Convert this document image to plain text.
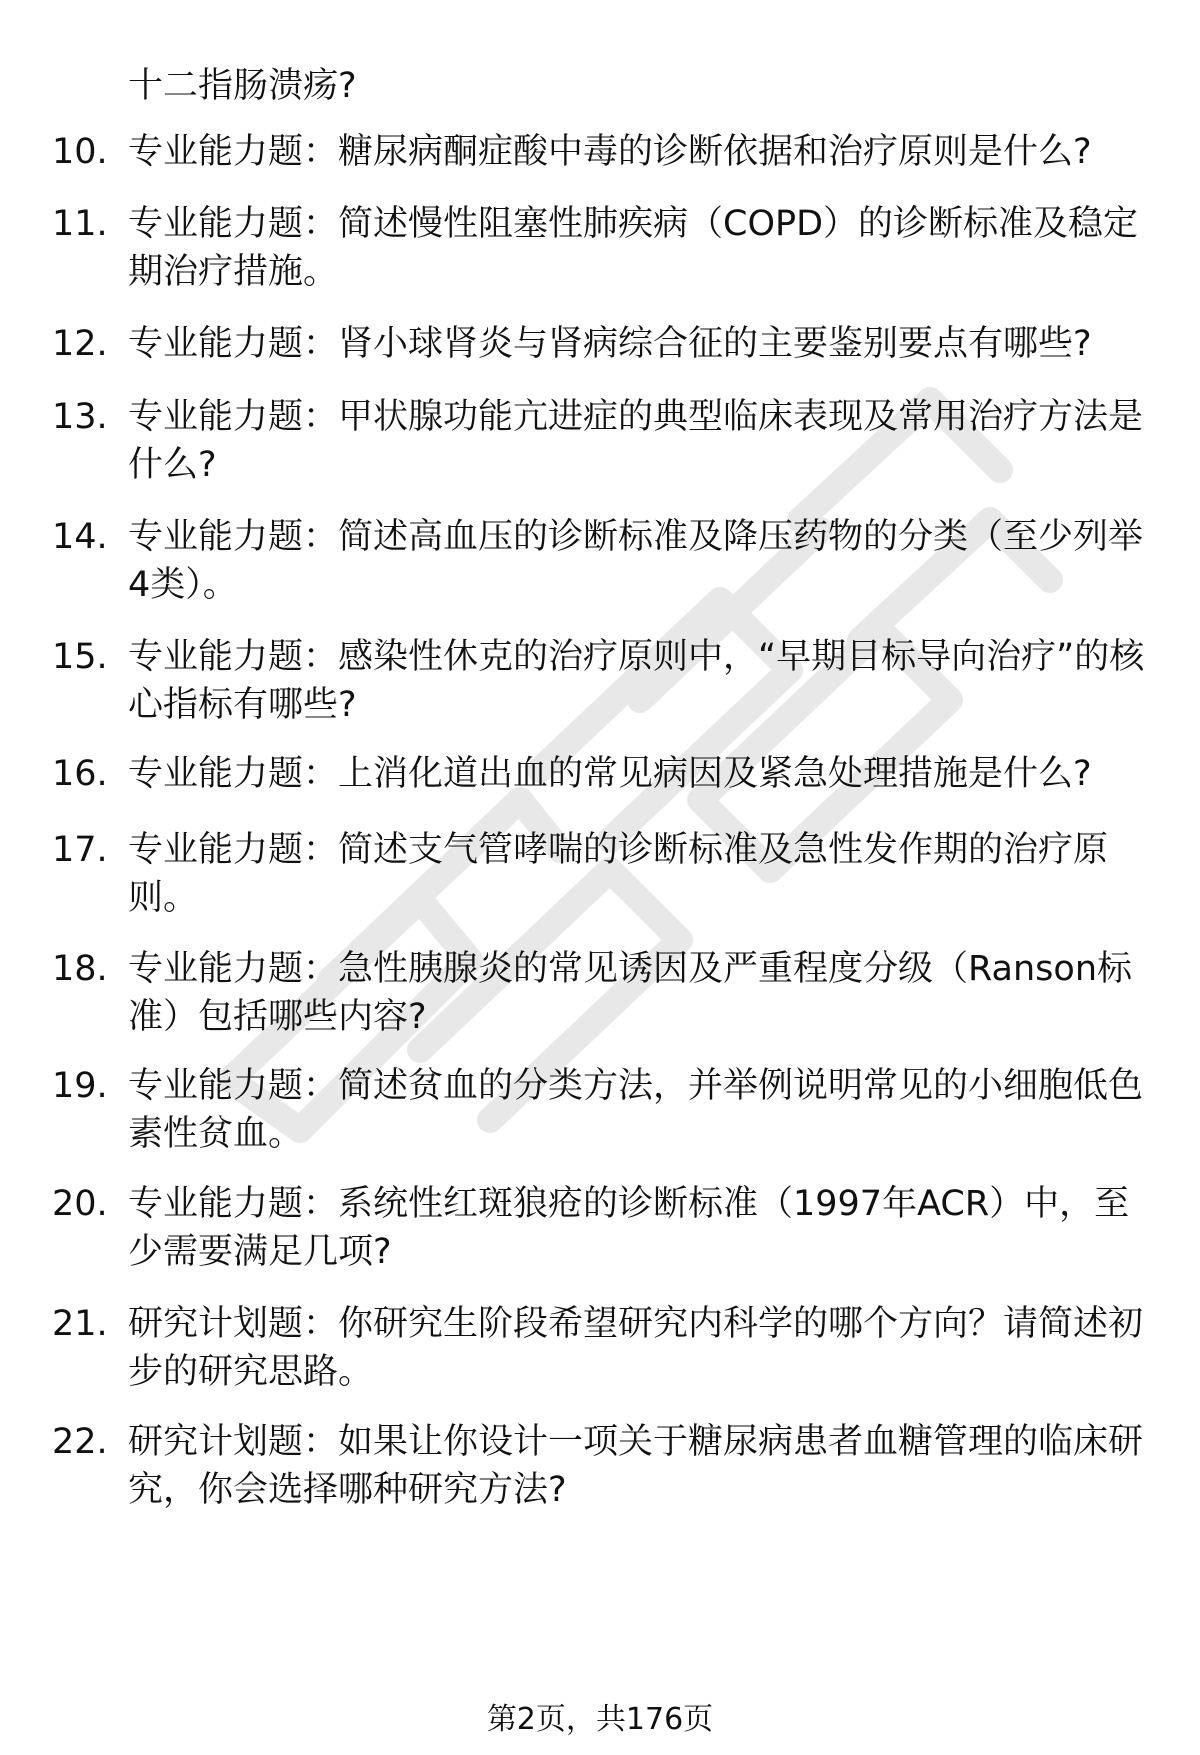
十二指肠溃疡?
10. 专业能力题：糖尿病酮症酸中毒的诊断依据和治疗原则是什么?
11. 专业能力题：简述慢性阻塞性肺疾病（COPD）的诊断标准及稳定期治疗措施。
12. 专业能力题：肾小球肾炎与肾病综合征的主要鉴别要点有哪些?
13. 专业能力题：甲状腺功能亢进症的典型临床表现及常用治疗方法是什么?
14. 专业能力题：简述高血压的诊断标准及降压药物的分类（至少列举4类）。
15. 专业能力题：感染性休克的治疗原则中，“早期目标导向治疗”的核心指标有哪些?
16. 专业能力题：上消化道出血的常见病因及紧急处理措施是什么?
17. 专业能力题：简述支气管哮喘的诊断标准及急性发作期的治疗原则。
18. 专业能力题：急性胰腺炎的常见诱因及严重程度分级（Ranson标准）包括哪些内容?
19. 专业能力题：简述贫血的分类方法，并举例说明常见的小细胞低色素性贫血。
20. 专业能力题：系统性红斑狼疮的诊断标准（1997年ACR）中，至少需要满足几项?
21. 研究计划题：你研究生阶段希望研究内科学的哪个方向？请简述初步的研究思路。
22. 研究计划题：如果让你设计一项关于糖尿病患者血糖管理的临床研究，你会选择哪种研究方法?
第2页，共176页
